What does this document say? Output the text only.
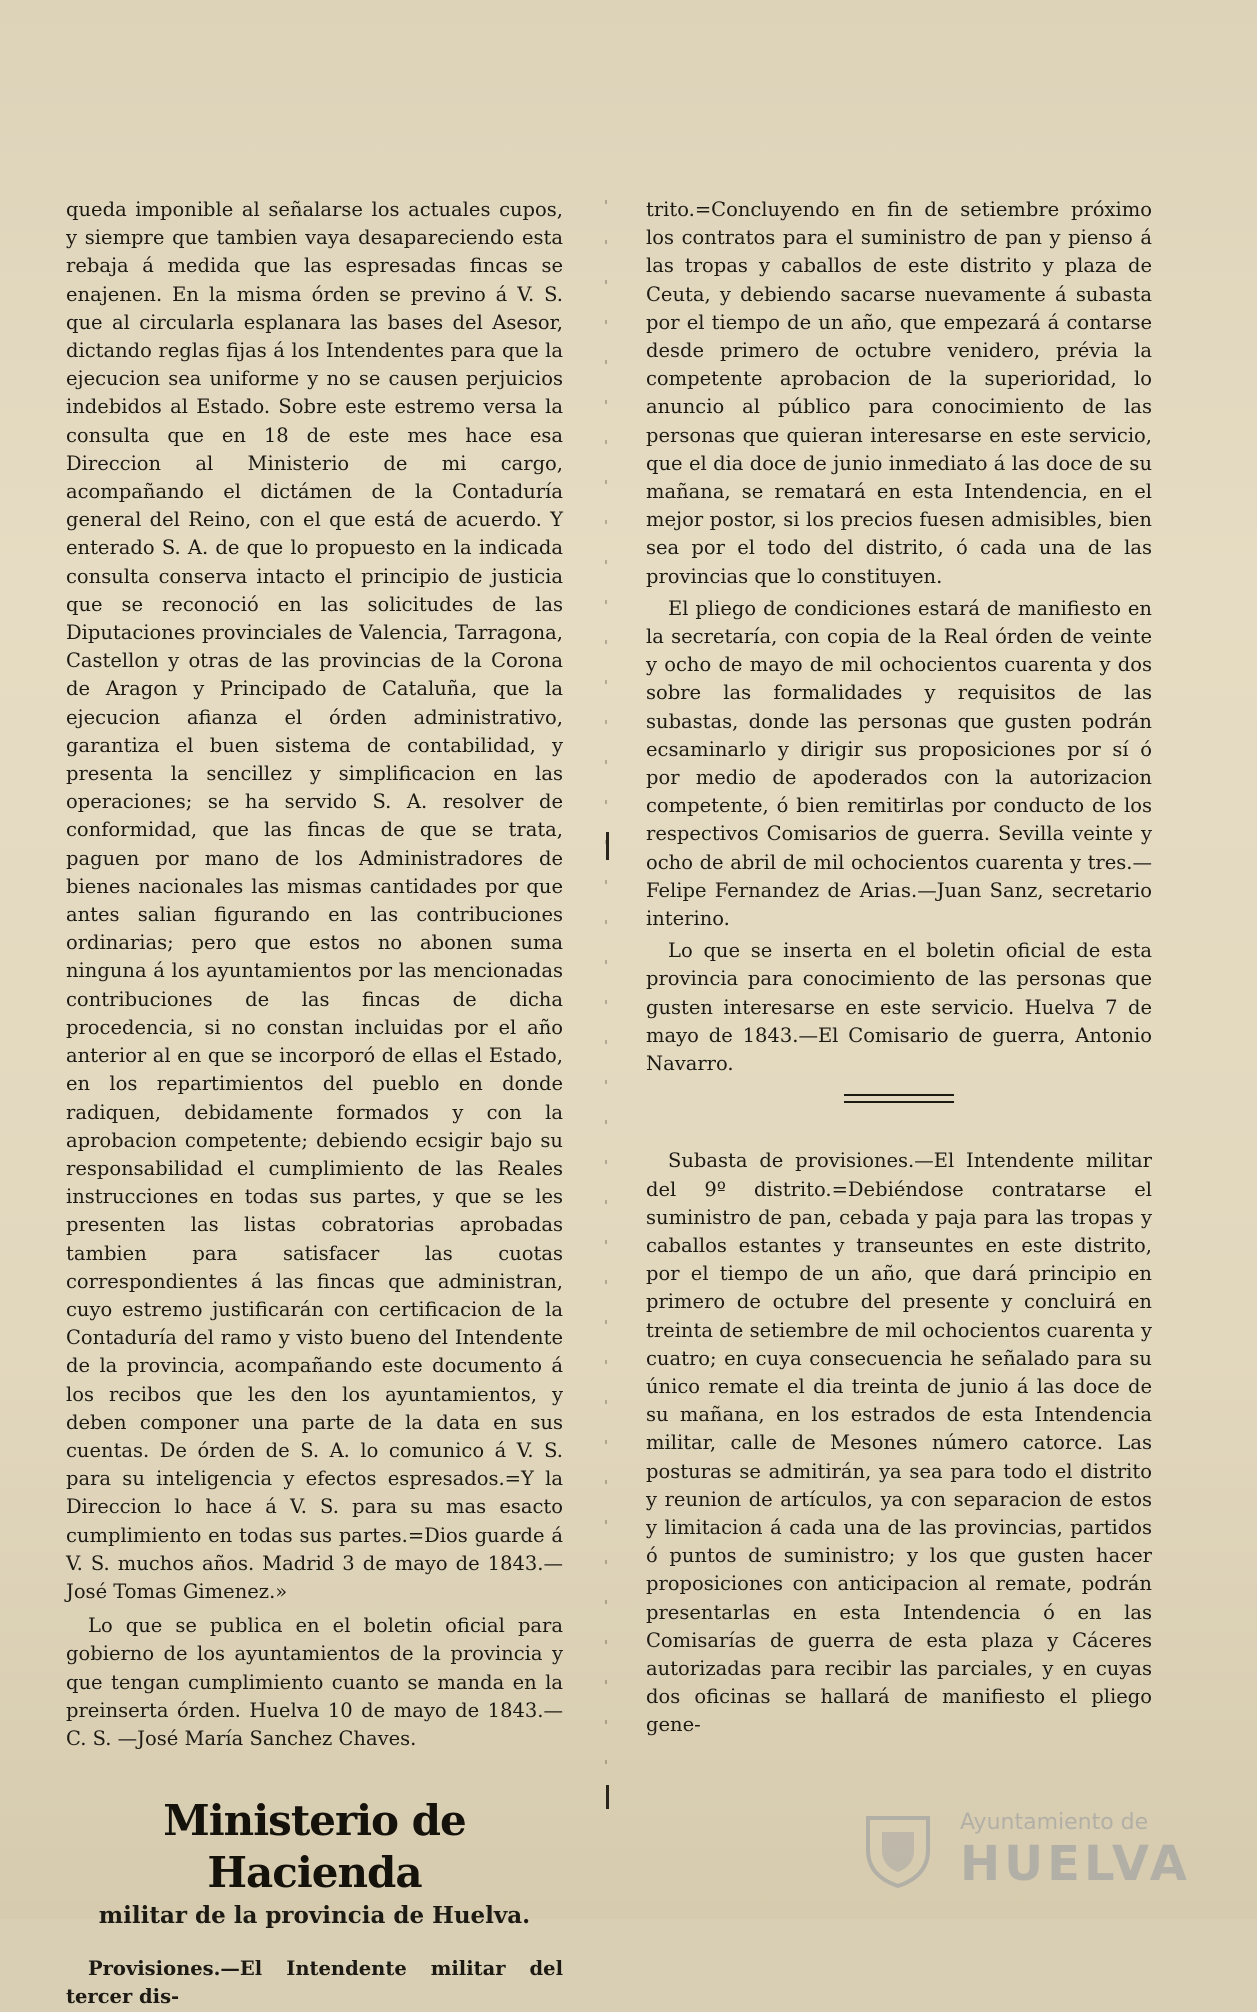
queda imponible al señalarse los actuales cupos, y siempre que tambien vaya desapareciendo esta rebaja á medida que las espresadas fincas se enajenen. En la misma órden se previno á V. S. que al circularla esplanara las bases del Asesor, dictando reglas fijas á los Intendentes para que la ejecucion sea uniforme y no se causen perjuicios indebidos al Estado. Sobre este estremo versa la consulta que en 18 de este mes hace esa Direccion al Ministerio de mi cargo, acompañando el dictámen de la Contaduría general del Reino, con el que está de acuerdo. Y enterado S. A. de que lo propuesto en la indicada consulta conserva intacto el principio de justicia que se reconoció en las solicitudes de las Diputaciones provinciales de Valencia, Tarragona, Castellon y otras de las provincias de la Corona de Aragon y Principado de Cataluña, que la ejecucion afianza el órden administrativo, garantiza el buen sistema de contabilidad, y presenta la sencillez y simplificacion en las operaciones; se ha servido S. A. resolver de conformidad, que las fincas de que se trata, paguen por mano de los Administradores de bienes nacionales las mismas cantidades por que antes salian figurando en las contribuciones ordinarias; pero que estos no abonen suma ninguna á los ayuntamientos por las mencionadas contribuciones de las fincas de dicha procedencia, si no constan incluidas por el año anterior al en que se incorporó de ellas el Estado, en los repartimientos del pueblo en donde radiquen, debidamente formados y con la aprobacion competente; debiendo ecsigir bajo su responsabilidad el cumplimiento de las Reales instrucciones en todas sus partes, y que se les presenten las listas cobratorias aprobadas tambien para satisfacer las cuotas correspondientes á las fincas que administran, cuyo estremo justificarán con certificacion de la Contaduría del ramo y visto bueno del Intendente de la provincia, acompañando este documento á los recibos que les den los ayuntamientos, y deben componer una parte de la data en sus cuentas. De órden de S. A. lo comunico á V. S. para su inteligencia y efectos espresados.=Y la Direccion lo hace á V. S. para su mas esacto cumplimiento en todas sus partes.=Dios guarde á V. S. muchos años. Madrid 3 de mayo de 1843.—José Tomas Gimenez.»

Lo que se publica en el boletin oficial para gobierno de los ayuntamientos de la provincia y que tengan cumplimiento cuanto se manda en la preinserta órden. Huelva 10 de mayo de 1843.—C. S. —José María Sanchez Chaves.

Ministerio de Hacienda
militar de la provincia de Huelva.

Provisiones.—El Intendente militar del tercer dis-

trito.=Concluyendo en fin de setiembre próximo los contratos para el suministro de pan y pienso á las tropas y caballos de este distrito y plaza de Ceuta, y debiendo sacarse nuevamente á subasta por el tiempo de un año, que empezará á contarse desde primero de octubre venidero, prévia la competente aprobacion de la superioridad, lo anuncio al público para conocimiento de las personas que quieran interesarse en este servicio, que el dia doce de junio inmediato á las doce de su mañana, se rematará en esta Intendencia, en el mejor postor, si los precios fuesen admisibles, bien sea por el todo del distrito, ó cada una de las provincias que lo constituyen.

El pliego de condiciones estará de manifiesto en la secretaría, con copia de la Real órden de veinte y ocho de mayo de mil ochocientos cuarenta y dos sobre las formalidades y requisitos de las subastas, donde las personas que gusten podrán ecsaminarlo y dirigir sus proposiciones por sí ó por medio de apoderados con la autorizacion competente, ó bien remitirlas por conducto de los respectivos Comisarios de guerra. Sevilla veinte y ocho de abril de mil ochocientos cuarenta y tres.—Felipe Fernandez de Arias.—Juan Sanz, secretario interino.

Lo que se inserta en el boletin oficial de esta provincia para conocimiento de las personas que gusten interesarse en este servicio. Huelva 7 de mayo de 1843.—El Comisario de guerra, Antonio Navarro.

Subasta de provisiones.—El Intendente militar del 9º distrito.=Debiéndose contratarse el suministro de pan, cebada y paja para las tropas y caballos estantes y transeuntes en este distrito, por el tiempo de un año, que dará principio en primero de octubre del presente y concluirá en treinta de setiembre de mil ochocientos cuarenta y cuatro; en cuya consecuencia he señalado para su único remate el dia treinta de junio á las doce de su mañana, en los estrados de esta Intendencia militar, calle de Mesones número catorce. Las posturas se admitirán, ya sea para todo el distrito y reunion de artículos, ya con separacion de estos y limitacion á cada una de las provincias, partidos ó puntos de suministro; y los que gusten hacer proposiciones con anticipacion al remate, podrán presentarlas en esta Intendencia ó en las Comisarías de guerra de esta plaza y Cáceres autorizadas para recibir las parciales, y en cuyas dos oficinas se hallará de manifiesto el pliego gene-

Ayuntamiento de
HUELVA
